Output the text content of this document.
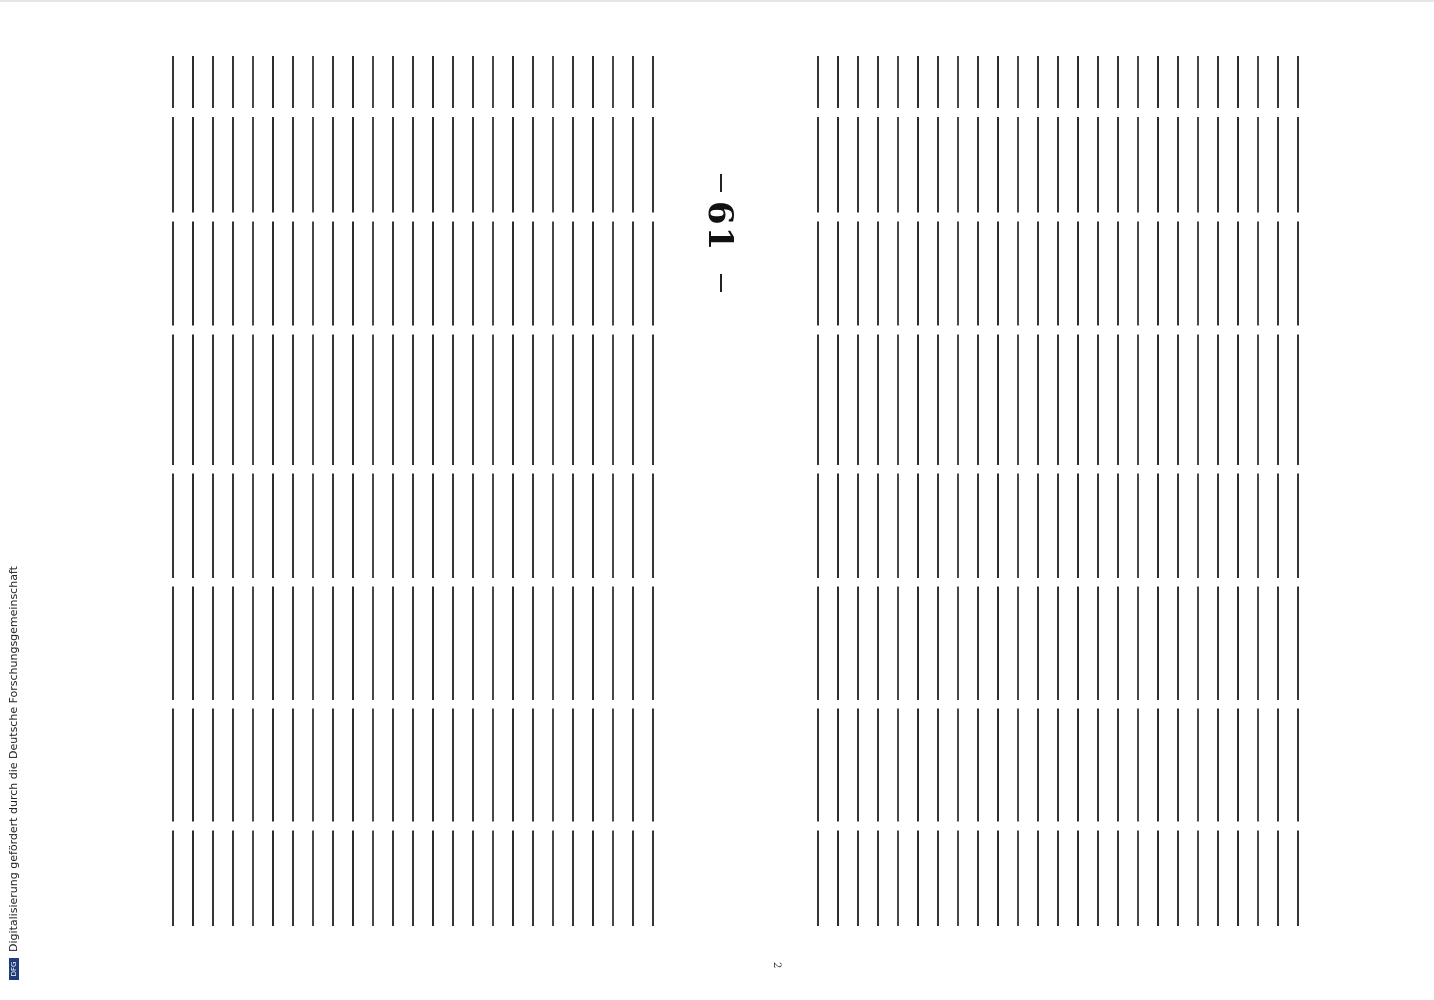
61
2
DFGDigitalisierung gefördert durch die Deutsche Forschungsgemeinschaft
